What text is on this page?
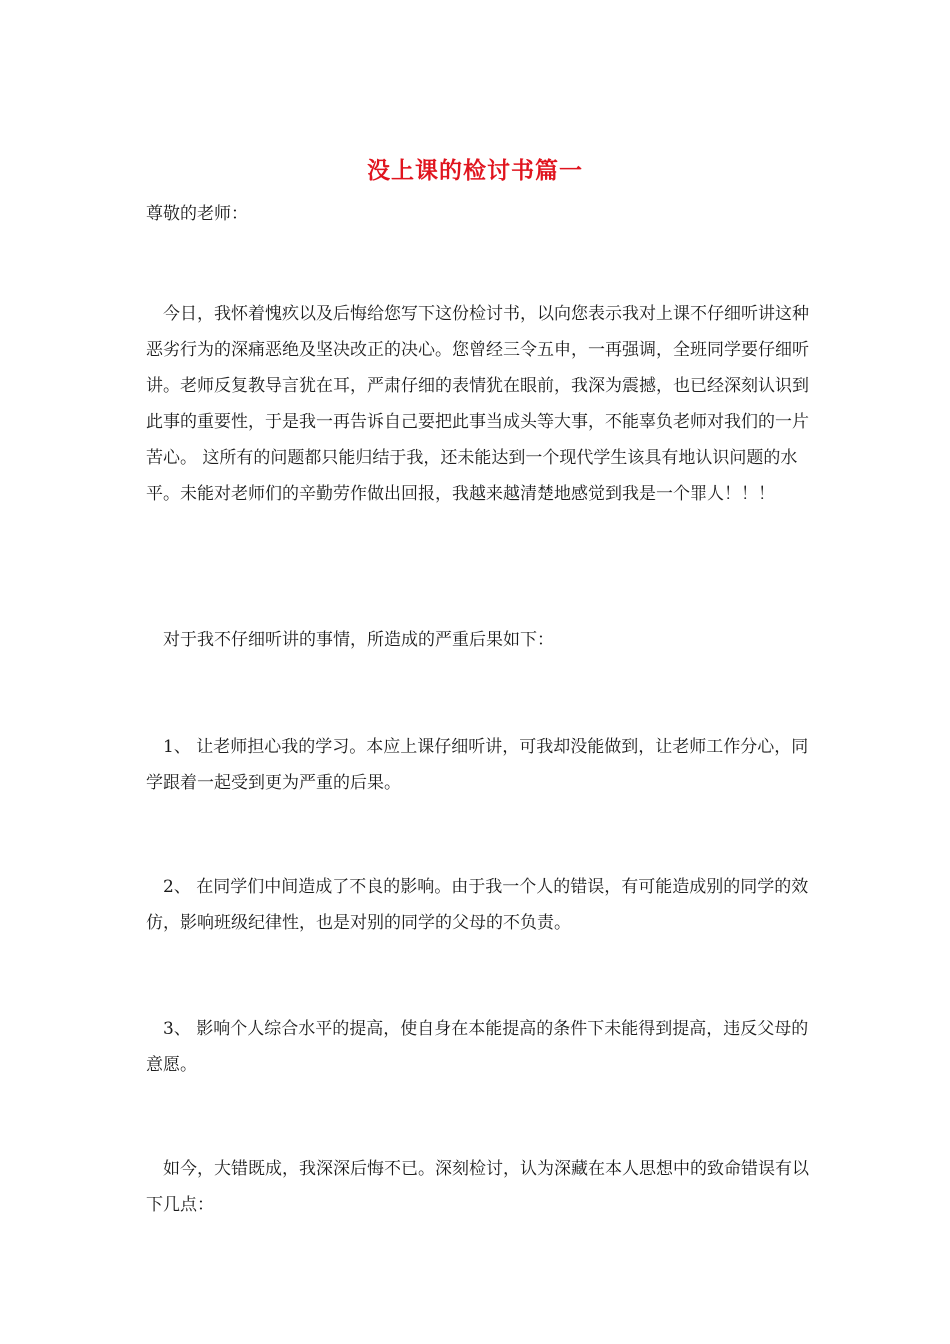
没上课的检讨书篇一

尊敬的老师：

今日，我怀着愧疚以及后悔给您写下这份检讨书，以向您表示我对上课不仔细听讲这种恶劣行为的深痛恶绝及坚决改正的决心。您曾经三令五申，一再强调，全班同学要仔细听讲。老师反复教导言犹在耳，严肃仔细的表情犹在眼前，我深为震撼，也已经深刻认识到此事的重要性，于是我一再告诉自己要把此事当成头等大事，不能辜负老师对我们的一片苦心。 这所有的问题都只能归结于我，还未能达到一个现代学生该具有地认识问题的水平。未能对老师们的辛勤劳作做出回报，我越来越清楚地感觉到我是一个罪人！！！

对于我不仔细听讲的事情，所造成的严重后果如下：

1、 让老师担心我的学习。本应上课仔细听讲，可我却没能做到，让老师工作分心，同学跟着一起受到更为严重的后果。

2、 在同学们中间造成了不良的影响。由于我一个人的错误，有可能造成别的同学的效仿，影响班级纪律性，也是对别的同学的父母的不负责。

3、 影响个人综合水平的提高，使自身在本能提高的条件下未能得到提高，违反父母的意愿。

如今，大错既成，我深深后悔不已。深刻检讨，认为深藏在本人思想中的致命错误有以下几点：
